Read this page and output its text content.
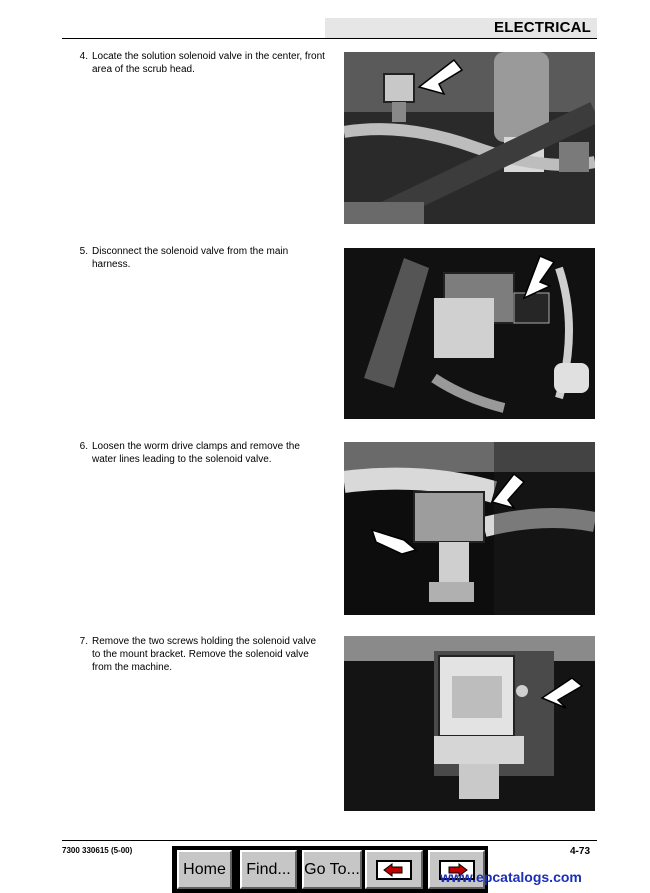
ELECTRICAL
4. Locate the solution solenoid valve in the center, front area of the scrub head.
5. Disconnect the solenoid valve from the main harness.
6. Loosen the worm drive clamps and remove the water lines leading to the solenoid valve.
7. Remove the two screws holding the solenoid valve to the mount bracket. Remove the solenoid valve from the machine.
7300 330615 (5-00)	4-73
Home	Find... Go To...	www.epcatalogs.com
